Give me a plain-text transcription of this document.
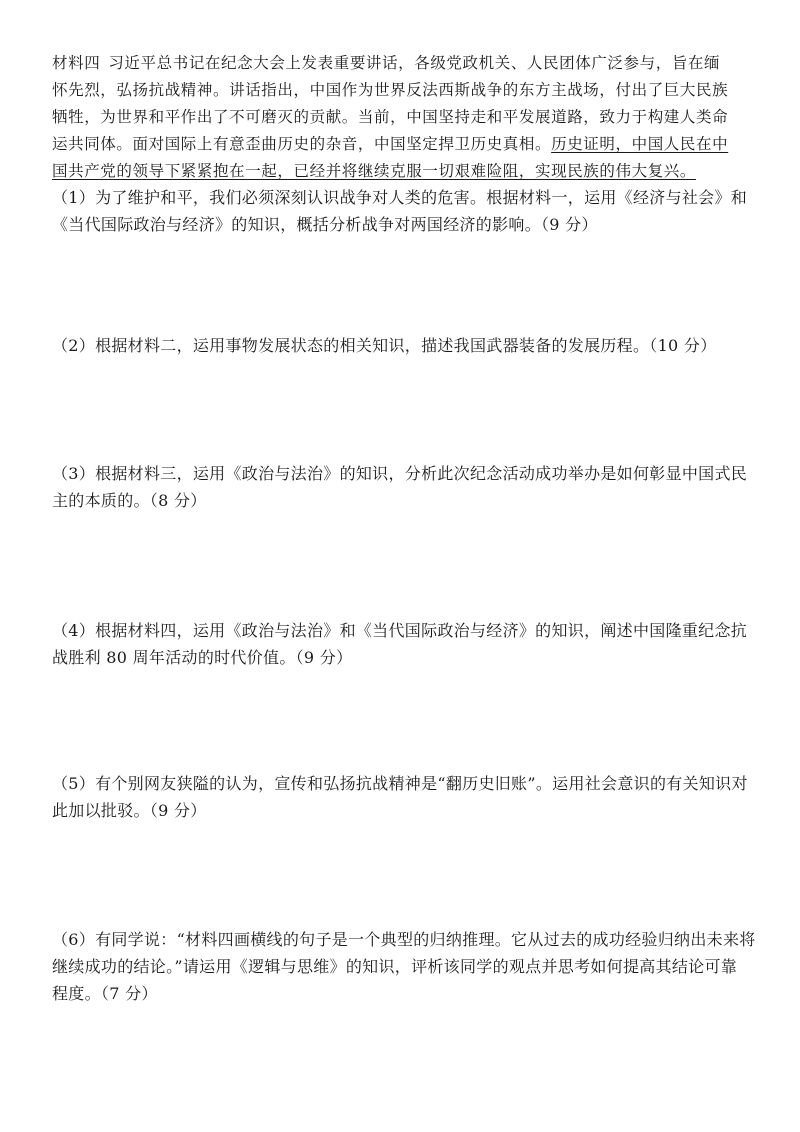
材料四 习近平总书记在纪念大会上发表重要讲话，各级党政机关、人民团体广泛参与，旨在缅
怀先烈，弘扬抗战精神。讲话指出，中国作为世界反法西斯战争的东方主战场，付出了巨大民族
牺牲，为世界和平作出了不可磨灭的贡献。当前，中国坚持走和平发展道路，致力于构建人类命
运共同体。面对国际上有意歪曲历史的杂音，中国坚定捍卫历史真相。历史证明，中国人民在中
国共产党的领导下紧紧抱在一起，已经并将继续克服一切艰难险阻，实现民族的伟大复兴。
（1）为了维护和平，我们必须深刻认识战争对人类的危害。根据材料一，运用《经济与社会》和
《当代国际政治与经济》的知识，概括分析战争对两国经济的影响。（9 分）
（2）根据材料二，运用事物发展状态的相关知识，描述我国武器装备的发展历程。（10 分）
（3）根据材料三，运用《政治与法治》的知识，分析此次纪念活动成功举办是如何彰显中国式民
主的本质的。（8 分）
（4）根据材料四，运用《政治与法治》和《当代国际政治与经济》的知识，阐述中国隆重纪念抗
战胜利 80 周年活动的时代价值。（9 分）
（5）有个别网友狭隘的认为，宣传和弘扬抗战精神是“翻历史旧账”。运用社会意识的有关知识对
此加以批驳。（9 分）
（6）有同学说：“材料四画横线的句子是一个典型的归纳推理。它从过去的成功经验归纳出未来将
继续成功的结论。”请运用《逻辑与思维》的知识，评析该同学的观点并思考如何提高其结论可靠
程度。（7 分）
